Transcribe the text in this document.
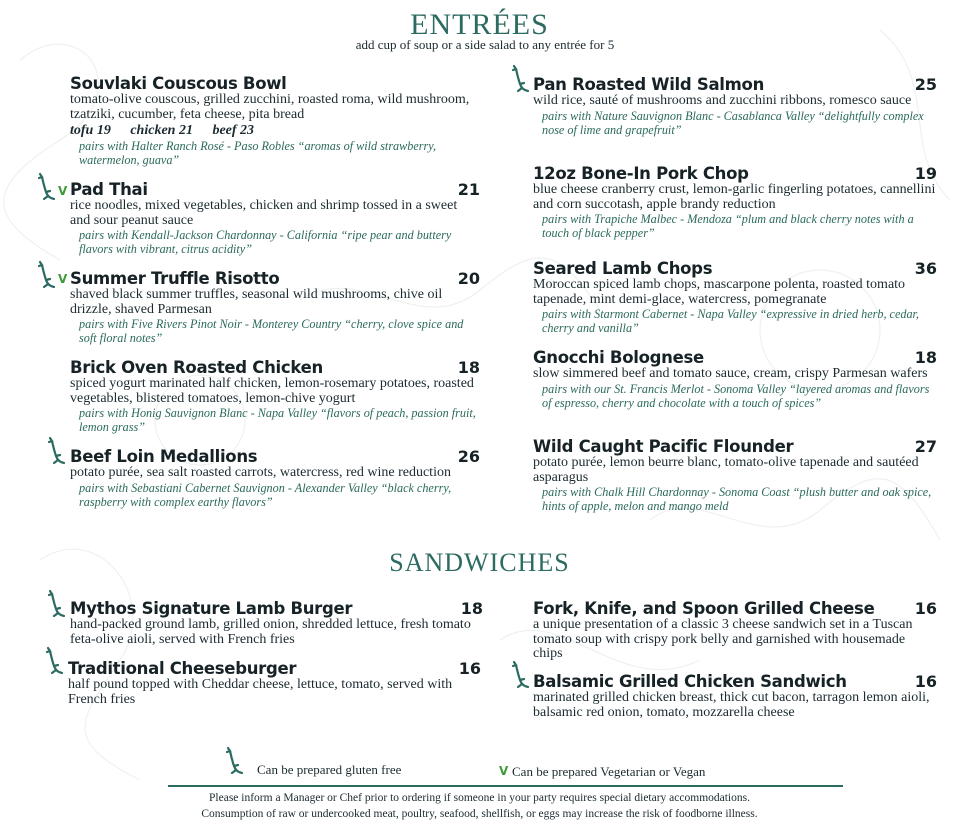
ENTRÉES
add cup of soup or a side salad to any entrée for 5
Souvlaki Couscous Bowl
tomato-olive couscous, grilled zucchini, roasted roma, wild mushroom, tzatziki, cucumber, feta cheese, pita bread
tofu 19 chicken 21 beef 23
pairs with Halter Ranch Rosé - Paso Robles “aromas of wild strawberry, watermelon, guava”
Pad Thai	21
rice noodles, mixed vegetables, chicken and shrimp tossed in a sweet and sour peanut sauce
pairs with Kendall-Jackson Chardonnay - California “ripe pear and buttery flavors with vibrant, citrus acidity”
Summer Truffle Risotto	20
shaved black summer truffles, seasonal wild mushrooms, chive oil drizzle, shaved Parmesan
pairs with Five Rivers Pinot Noir - Monterey Country “cherry, clove spice and soft floral notes”
Brick Oven Roasted Chicken	18
spiced yogurt marinated half chicken, lemon-rosemary potatoes, roasted vegetables, blistered tomatoes, lemon-chive yogurt
pairs with Honig Sauvignon Blanc - Napa Valley “flavors of peach, passion fruit, lemon grass”
Beef Loin Medallions	26
potato purée, sea salt roasted carrots, watercress, red wine reduction
pairs with Sebastiani Cabernet Sauvignon - Alexander Valley “black cherry, raspberry with complex earthy flavors”
Pan Roasted Wild Salmon	25
wild rice, sauté of mushrooms and zucchini ribbons, romesco sauce
pairs with Nature Sauvignon Blanc - Casablanca Valley “delightfully complex nose of lime and grapefruit”
12oz Bone-In Pork Chop	19
blue cheese cranberry crust, lemon-garlic fingerling potatoes, cannellini and corn succotash, apple brandy reduction
pairs with Trapiche Malbec - Mendoza “plum and black cherry notes with a touch of black pepper”
Seared Lamb Chops	36
Moroccan spiced lamb chops, mascarpone polenta, roasted tomato tapenade, mint demi-glace, watercress, pomegranate
pairs with Starmont Cabernet - Napa Valley “expressive in dried herb, cedar, cherry and vanilla”
Gnocchi Bolognese	18
slow simmered beef and tomato sauce, cream, crispy Parmesan wafers
pairs with our St. Francis Merlot - Sonoma Valley “layered aromas and flavors of espresso, cherry and chocolate with a touch of spices”
Wild Caught Pacific Flounder	27
potato purée, lemon beurre blanc, tomato-olive tapenade and sautéed asparagus
pairs with Chalk Hill Chardonnay - Sonoma Coast “plush butter and oak spice, hints of apple, melon and mango meld
SANDWICHES
Mythos Signature Lamb Burger	18
hand-packed ground lamb, grilled onion, shredded lettuce, fresh tomato feta-olive aioli, served with French fries
Traditional Cheeseburger	16
half pound topped with Cheddar cheese, lettuce, tomato, served with French fries
Fork, Knife, and Spoon Grilled Cheese	16
a unique presentation of a classic 3 cheese sandwich set in a Tuscan tomato soup with crispy pork belly and garnished with housemade chips
Balsamic Grilled Chicken Sandwich	16
marinated grilled chicken breast, thick cut bacon, tarragon lemon aioli, balsamic red onion, tomato, mozzarella cheese
V
V
Can be prepared gluten free	V Can be prepared Vegetarian or Vegan
Please inform a Manager or Chef prior to ordering if someone in your party requires special dietary accommodations.
Consumption of raw or undercooked meat, poultry, seafood, shellfish, or eggs may increase the risk of foodborne illness.
